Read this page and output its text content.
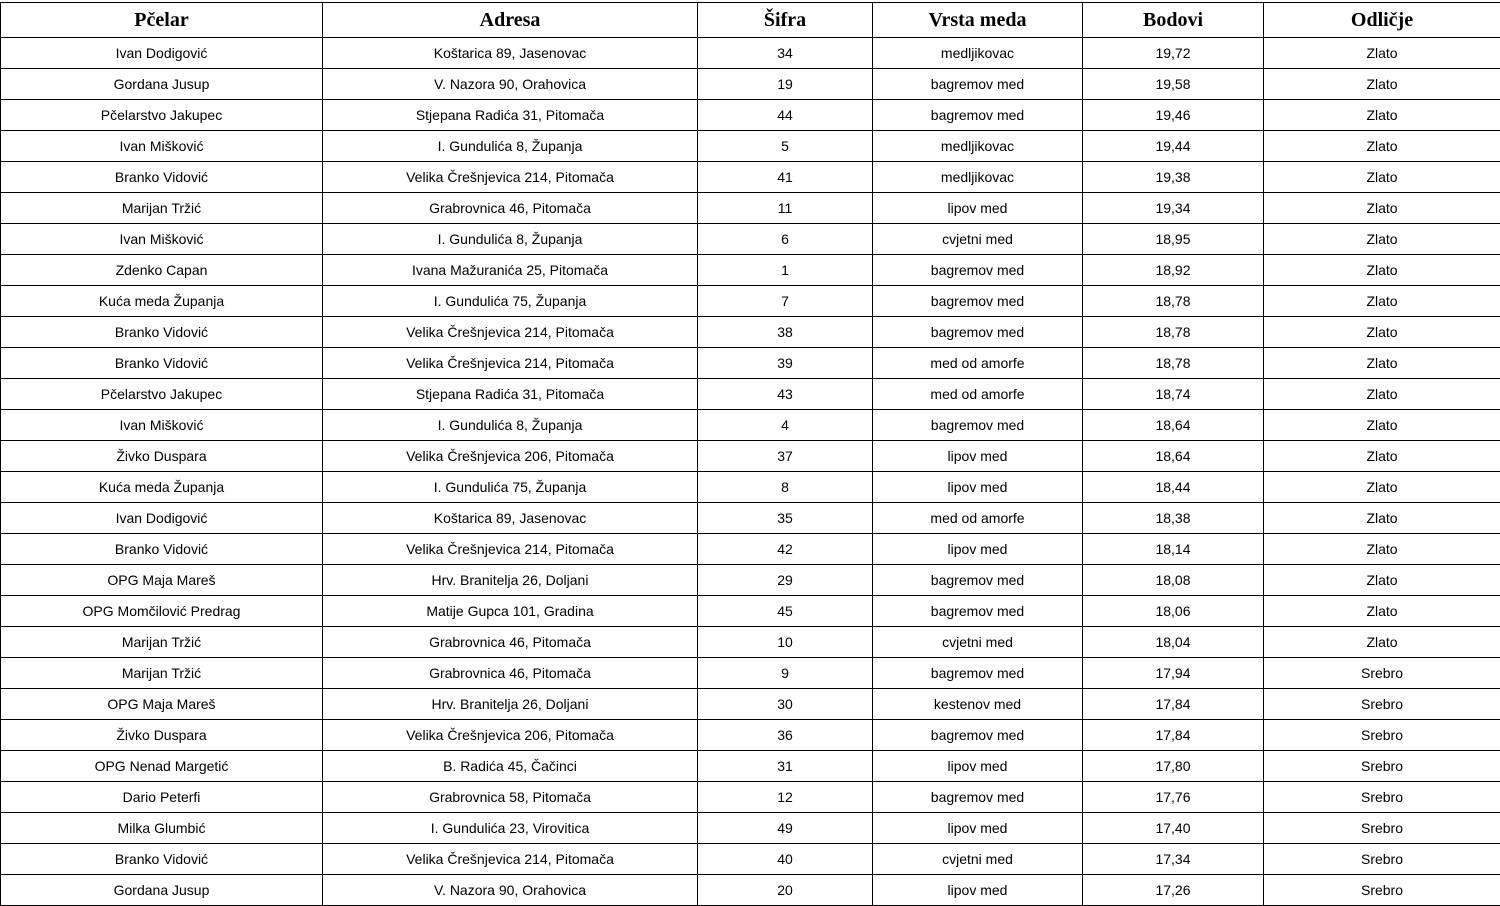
Pčelar	Adresa	Šifra	Vrsta meda	Bodovi	Odličje
Ivan Dodigović	Koštarica 89, Jasenovac	34	medljikovac	19,72	Zlato
Gordana Jusup	V. Nazora 90, Orahovica	19	bagremov med	19,58	Zlato
Pčelarstvo Jakupec	Stjepana Radića 31, Pitomača	44	bagremov med	19,46	Zlato
Ivan Mišković	I. Gundulića 8, Županja	5	medljikovac	19,44	Zlato
Branko Vidović	Velika Črešnjevica 214, Pitomača	41	medljikovac	19,38	Zlato
Marijan Tržić	Grabrovnica 46, Pitomača	11	lipov med	19,34	Zlato
Ivan Mišković	I. Gundulića 8, Županja	6	cvjetni med	18,95	Zlato
Zdenko Capan	Ivana Mažuranića 25, Pitomača	1	bagremov med	18,92	Zlato
Kuća meda Županja	I. Gundulića 75, Županja	7	bagremov med	18,78	Zlato
Branko Vidović	Velika Črešnjevica 214, Pitomača	38	bagremov med	18,78	Zlato
Branko Vidović	Velika Črešnjevica 214, Pitomača	39	med od amorfe	18,78	Zlato
Pčelarstvo Jakupec	Stjepana Radića 31, Pitomača	43	med od amorfe	18,74	Zlato
Ivan Mišković	I. Gundulića 8, Županja	4	bagremov med	18,64	Zlato
Živko Duspara	Velika Črešnjevica 206, Pitomača	37	lipov med	18,64	Zlato
Kuća meda Županja	I. Gundulića 75, Županja	8	lipov med	18,44	Zlato
Ivan Dodigović	Koštarica 89, Jasenovac	35	med od amorfe	18,38	Zlato
Branko Vidović	Velika Črešnjevica 214, Pitomača	42	lipov med	18,14	Zlato
OPG Maja Mareš	Hrv. Branitelja 26, Doljani	29	bagremov med	18,08	Zlato
OPG Momčilović Predrag	Matije Gupca 101, Gradina	45	bagremov med	18,06	Zlato
Marijan Tržić	Grabrovnica 46, Pitomača	10	cvjetni med	18,04	Zlato
Marijan Tržić	Grabrovnica 46, Pitomača	9	bagremov med	17,94	Srebro
OPG Maja Mareš	Hrv. Branitelja 26, Doljani	30	kestenov med	17,84	Srebro
Živko Duspara	Velika Črešnjevica 206, Pitomača	36	bagremov med	17,84	Srebro
OPG Nenad Margetić	B. Radića 45, Čačinci	31	lipov med	17,80	Srebro
Dario Peterfi	Grabrovnica 58, Pitomača	12	bagremov med	17,76	Srebro
Milka Glumbić	I. Gundulića 23, Virovitica	49	lipov med	17,40	Srebro
Branko Vidović	Velika Črešnjevica 214, Pitomača	40	cvjetni med	17,34	Srebro
Gordana Jusup	V. Nazora 90, Orahovica	20	lipov med	17,26	Srebro
